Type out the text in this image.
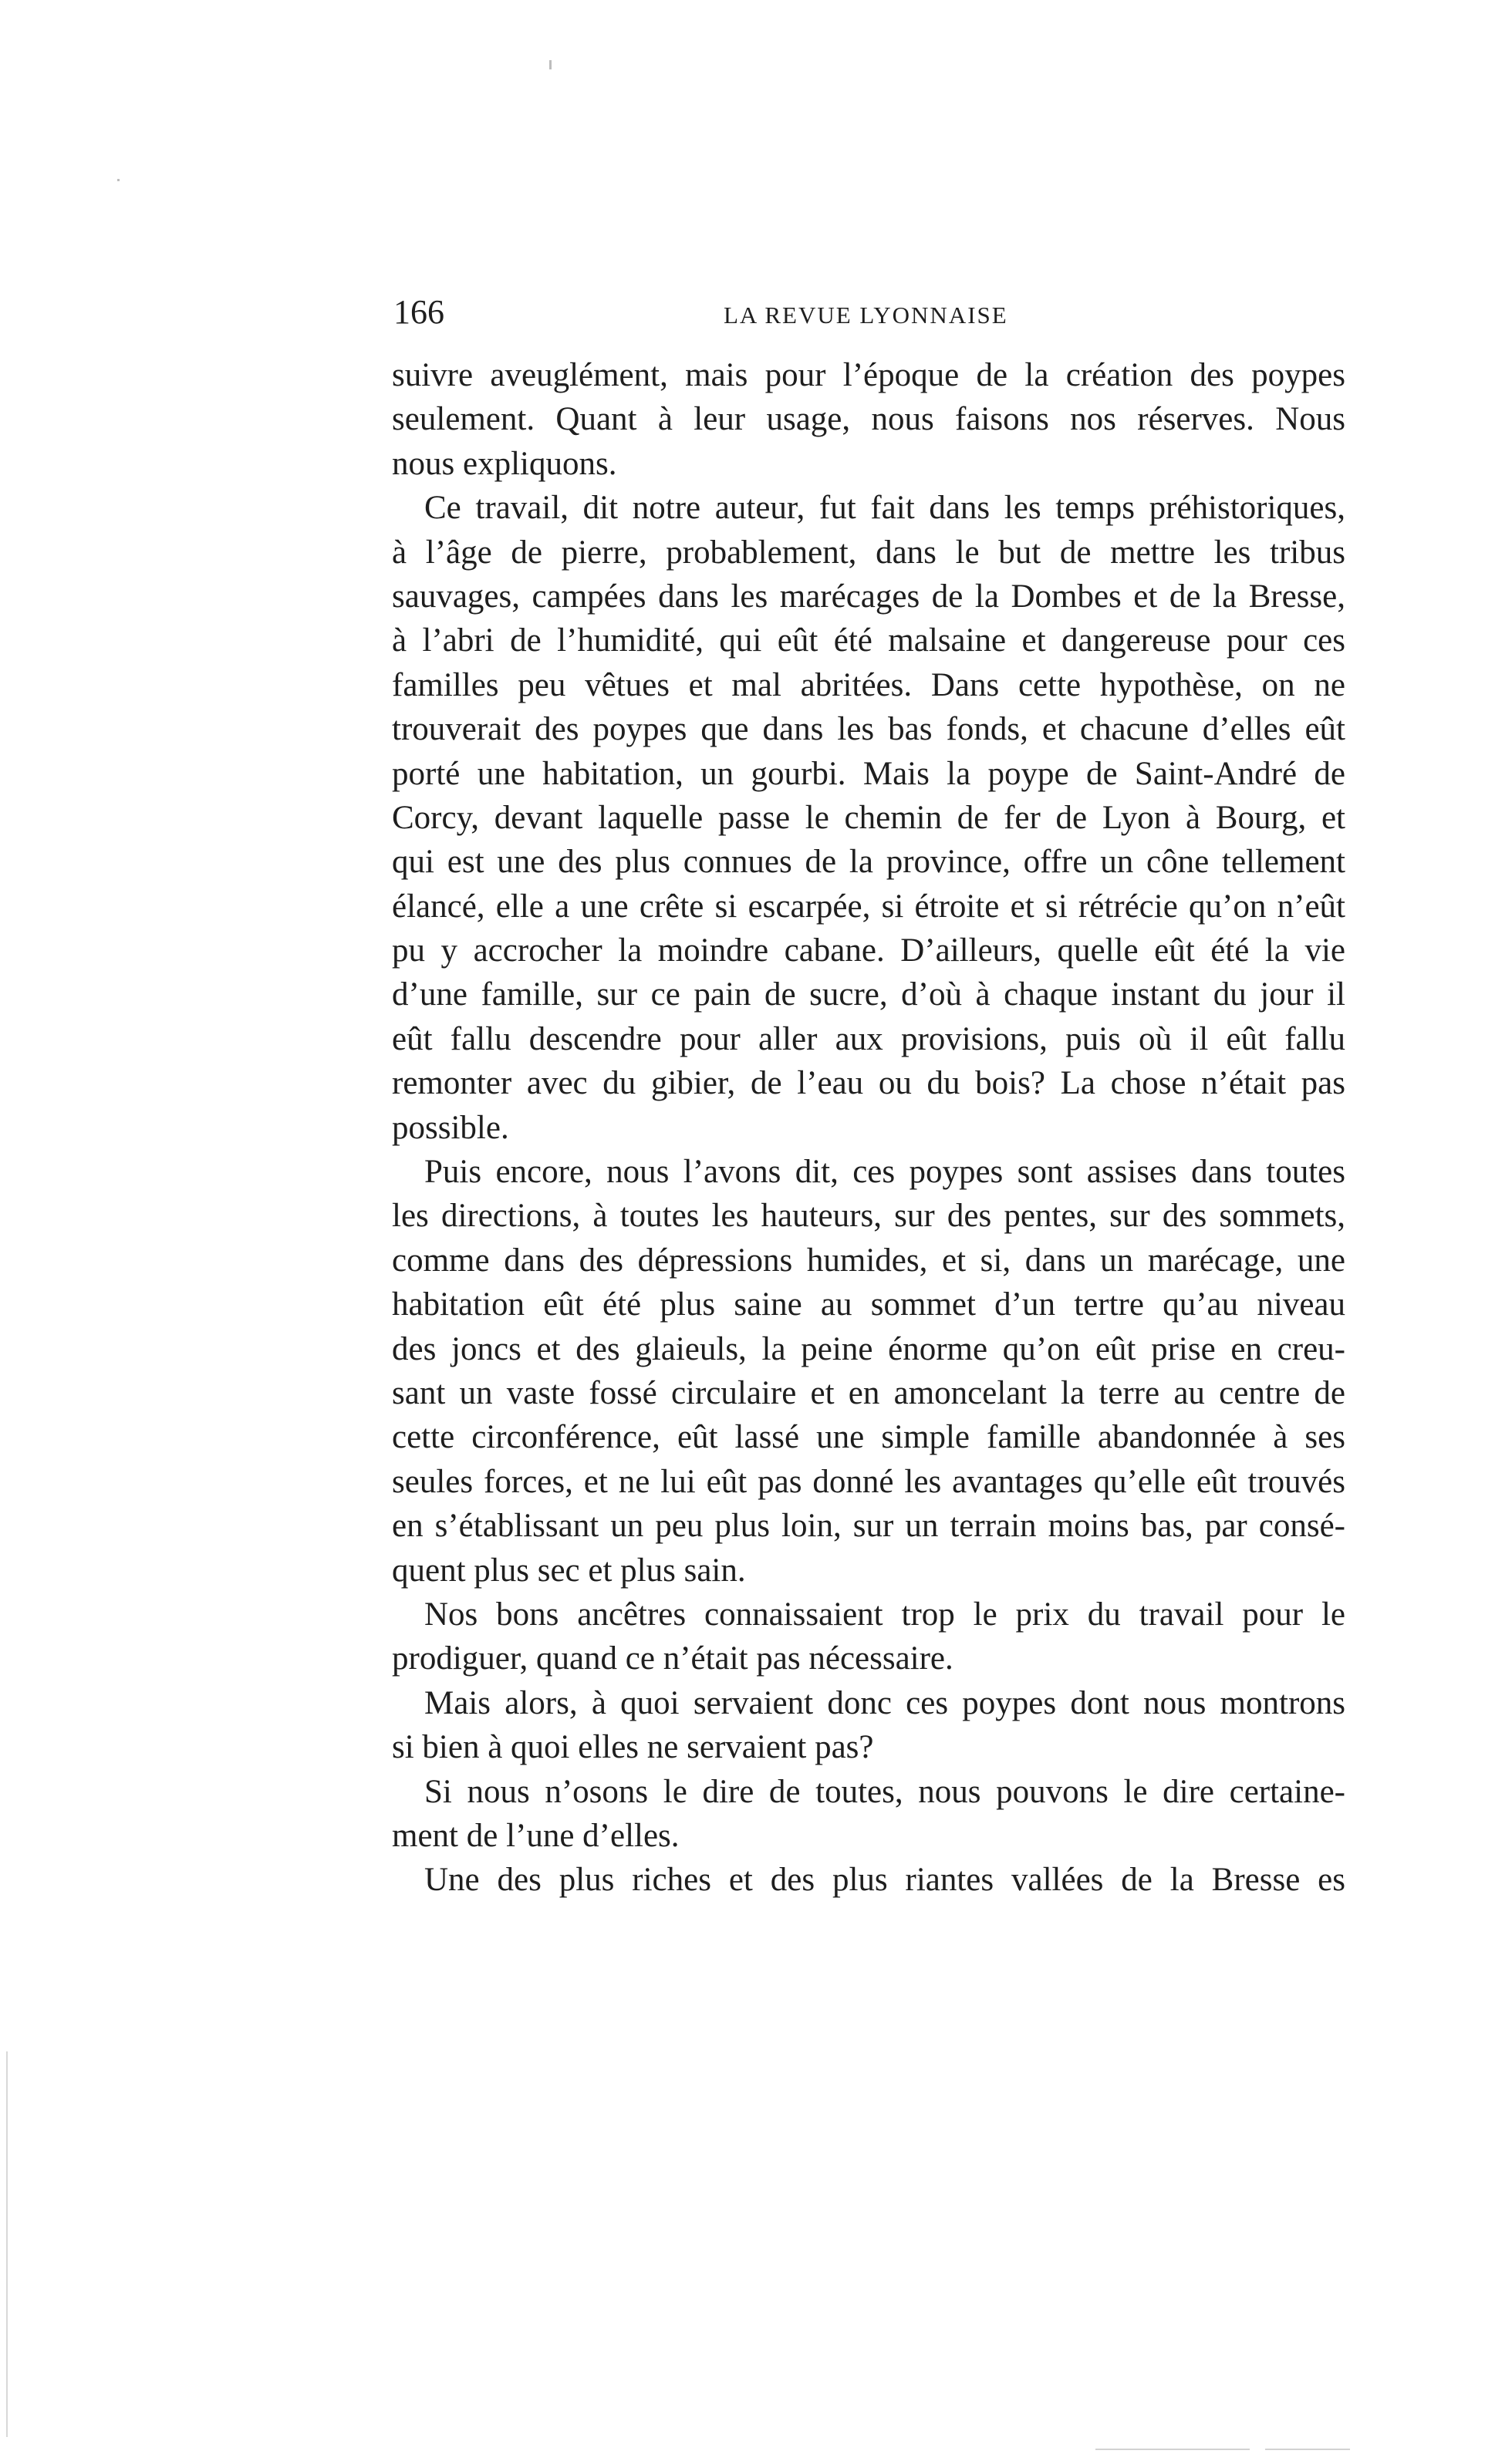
166	LA REVUE LYONNAISE
suivre aveuglément, mais pour l’époque de la création des poypes
seulement. Quant à leur usage, nous faisons nos réserves. Nous
nous expliquons.
Ce travail, dit notre auteur, fut fait dans les temps préhistoriques,
à l’âge de pierre, probablement, dans le but de mettre les tribus
sauvages, campées dans les marécages de la Dombes et de la Bresse,
à l’abri de l’humidité, qui eût été malsaine et dangereuse pour ces
familles peu vêtues et mal abritées. Dans cette hypothèse, on ne
trouverait des poypes que dans les bas fonds, et chacune d’elles eût
porté une habitation, un gourbi. Mais la poype de Saint-André de
Corcy, devant laquelle passe le chemin de fer de Lyon à Bourg, et
qui est une des plus connues de la province, offre un cône tellement
élancé, elle a une crête si escarpée, si étroite et si rétrécie qu’on n’eût
pu y accrocher la moindre cabane. D’ailleurs, quelle eût été la vie
d’une famille, sur ce pain de sucre, d’où à chaque instant du jour il
eût fallu descendre pour aller aux provisions, puis où il eût fallu
remonter avec du gibier, de l’eau ou du bois? La chose n’était pas
possible.
Puis encore, nous l’avons dit, ces poypes sont assises dans toutes
les directions, à toutes les hauteurs, sur des pentes, sur des sommets,
comme dans des dépressions humides, et si, dans un marécage, une
habitation eût été plus saine au sommet d’un tertre qu’au niveau
des joncs et des glaieuls, la peine énorme qu’on eût prise en creu-
sant un vaste fossé circulaire et en amoncelant la terre au centre de
cette circonférence, eût lassé une simple famille abandonnée à ses
seules forces, et ne lui eût pas donné les avantages qu’elle eût trouvés
en s’établissant un peu plus loin, sur un terrain moins bas, par consé-
quent plus sec et plus sain.
Nos bons ancêtres connaissaient trop le prix du travail pour le
prodiguer, quand ce n’était pas nécessaire.
Mais alors, à quoi servaient donc ces poypes dont nous montrons
si bien à quoi elles ne servaient pas?
Si nous n’osons le dire de toutes, nous pouvons le dire certaine-
ment de l’une d’elles.
Une des plus riches et des plus riantes vallées de la Bresse es
